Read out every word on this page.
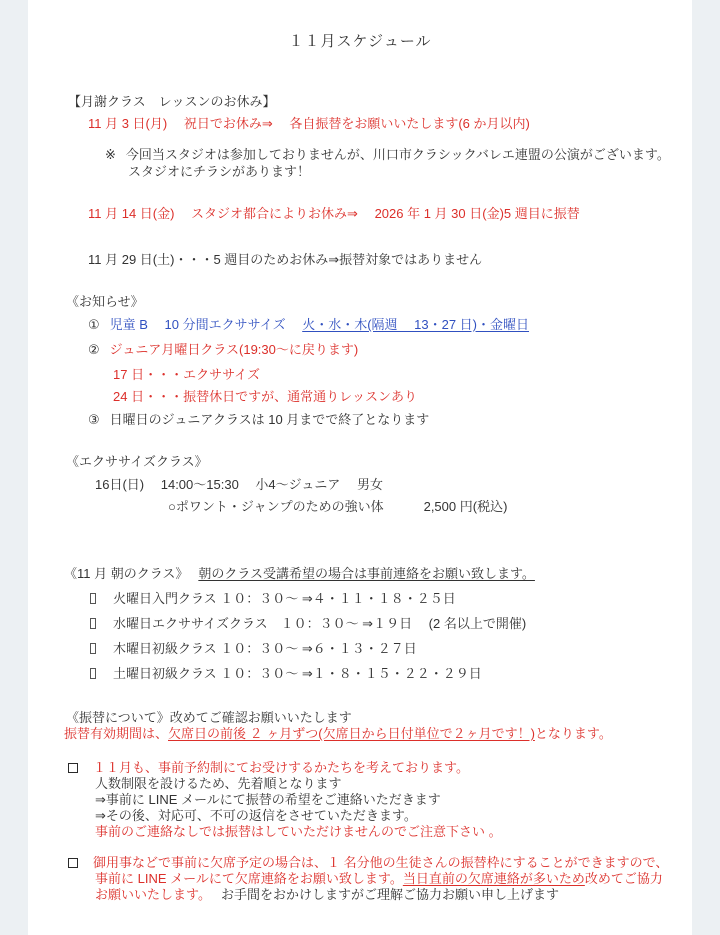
１１月スケジュール
【月謝クラス　レッスンのお休み】
11 月 3 日(月)　 祝日でお休み⇒　 各自振替をお願いいたします(6 か月以内)
※ 今回当スタジオは参加しておりませんが、川口市クラシックバレエ連盟の公演がございます。
スタジオにチラシがあります！
11 月 14 日(金)　 スタジオ都合によりお休み⇒　 2026 年 1 月 30 日(金)5 週目に振替
11 月 29 日(土)・・・5 週目のためお休み⇒振替対象ではありません
《お知らせ》
① 児童 B　 10 分間エクササイズ　 火・水・木(隔週　 13・27 日)・金曜日
② ジュニア月曜日クラス(19:30〜に戻ります)
17 日・・・エクササイズ
24 日・・・振替休日ですが、通常通りレッスンあり
③ 日曜日のジュニアクラスは 10 月までで終了となります
《エクササイズクラス》
16日(日)　 14:00〜15:30　 小4〜ジュニア　 男女
○ポワント・ジャンプのための強い体	2,500 円(税込)
《11 月 朝のクラス》 朝のクラス受講希望の場合は事前連絡をお願い致します。
火曜日入門クラス １０：３０〜 ⇒４・１１・１８・２５日
水曜日エクササイズクラス　１０：３０〜 ⇒１９日　 (2 名以上で開催)
木曜日初級クラス １０：３０〜 ⇒６・１３・２７日
土曜日初級クラス １０：３０〜 ⇒１・８・１５・２２・２９日
《振替について》改めてご確認お願いいたします
振替有効期間は、欠席日の前後 ２ ヶ月ずつ(欠席日から日付単位で２ヶ月です！)となります。
１１月も、事前予約制にてお受けするかたちを考えております。
人数制限を設けるため、先着順となります
⇒事前に LINE メールにて振替の希望をご連絡いただきます
⇒その後、対応可、不可の返信をさせていただきます。
事前のご連絡なしでは振替はしていただけませんのでご注意下さい 。
御用事などで事前に欠席予定の場合は、１ 名分他の生徒さんの振替枠にすることができますので、
事前に LINE メールにて欠席連絡をお願い致します。当日直前の欠席連絡が多いため改めてご協力
お願いいたします。 お手間をおかけしますがご理解ご協力お願い申し上げます
